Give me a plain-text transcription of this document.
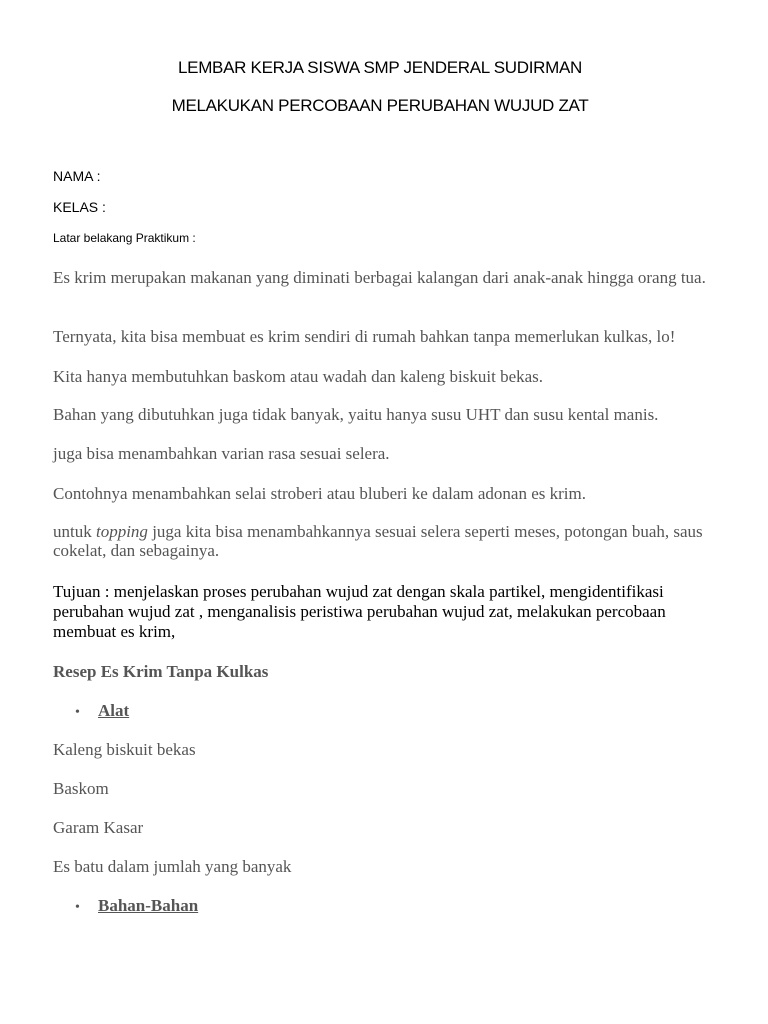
LEMBAR KERJA SISWA SMP JENDERAL SUDIRMAN
MELAKUKAN PERCOBAAN PERUBAHAN WUJUD ZAT
NAMA :
KELAS :
Latar belakang Praktikum :

Es krim merupakan makanan yang diminati berbagai kalangan dari anak-anak hingga orang tua.

Ternyata, kita bisa membuat es krim sendiri di rumah bahkan tanpa memerlukan kulkas, lo!

Kita hanya membutuhkan baskom atau wadah dan kaleng biskuit bekas.

Bahan yang dibutuhkan juga tidak banyak, yaitu hanya susu UHT dan susu kental manis.

juga bisa menambahkan varian rasa sesuai selera.

Contohnya menambahkan selai stroberi atau bluberi ke dalam adonan es krim.

untuk topping juga kita bisa menambahkannya sesuai selera seperti meses, potongan buah, saus cokelat, dan sebagainya.

Tujuan : menjelaskan proses perubahan wujud zat dengan skala partikel, mengidentifikasi perubahan wujud zat , menganalisis peristiwa perubahan wujud zat, melakukan percobaan membuat es krim,

Resep Es Krim Tanpa Kulkas
• Alat
Kaleng biskuit bekas
Baskom
Garam Kasar
Es batu dalam jumlah yang banyak
• Bahan-Bahan
